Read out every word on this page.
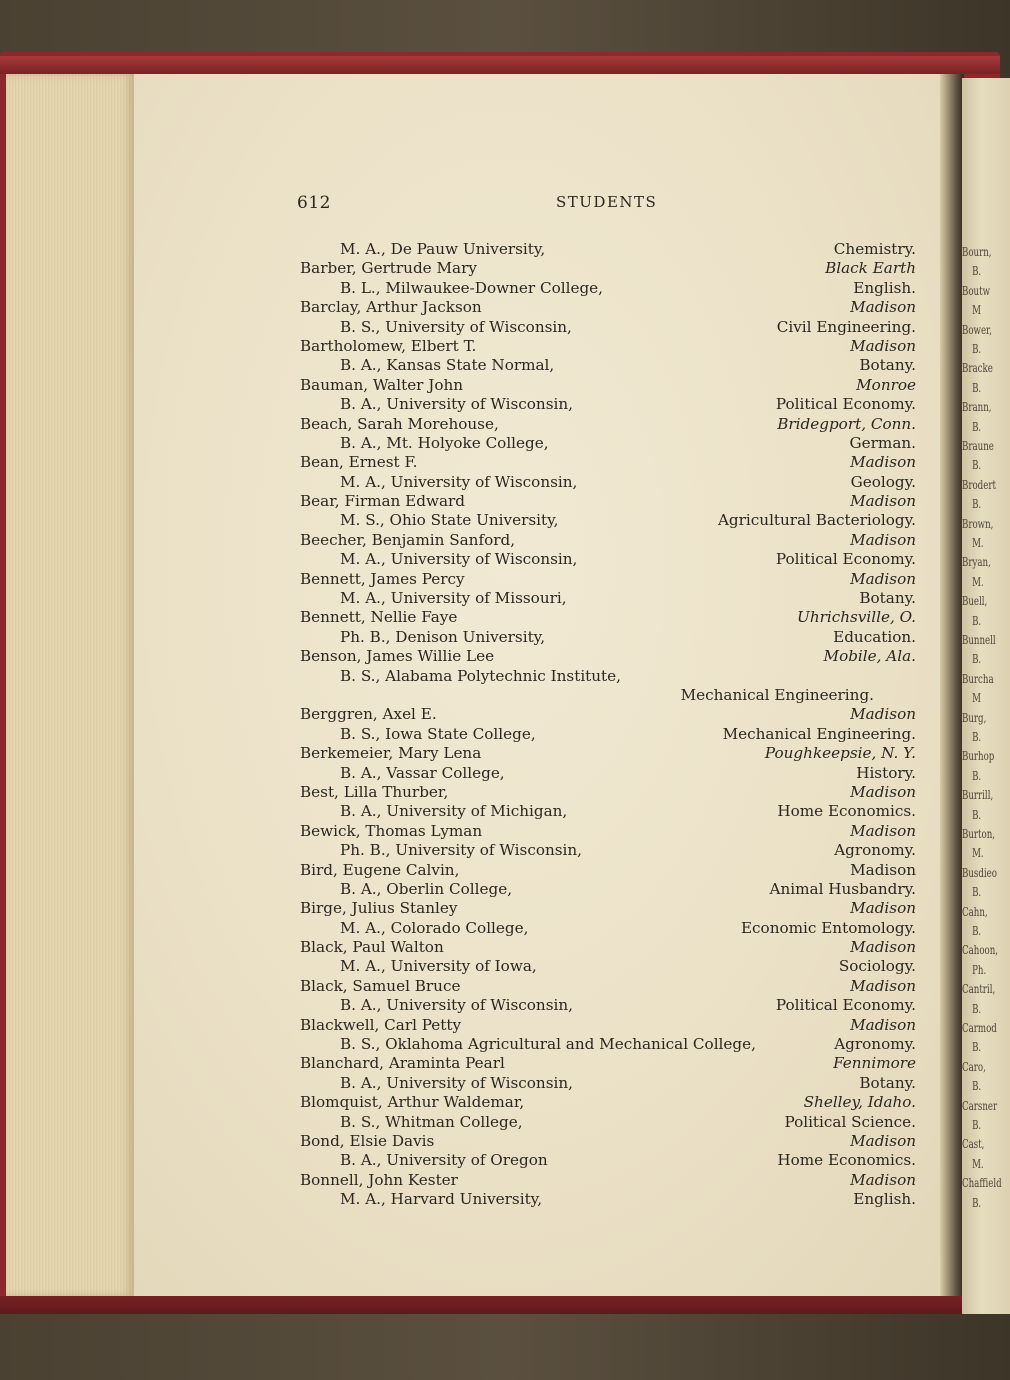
Bourn,
B.
Boutw
M
Bower,
B.
Bracke
B.
Brann,
B.
Braune
B.
Brodert
B.
Brown,
M.
Bryan,
M.
Buell,
B.
Bunnell
B.
Burcha
M
Burg,
B.
Burhop
B.
Burrill,
B.
Burton,
M.
Busdieo
B.
Cahn,
B.
Cahoon,
Ph.
Cantril,
B.
Carmod
B.
Caro,
B.
Carsner
B.
Cast,
M.
Chaffield
B.
612	STUDENTS
M. A., De Pauw University,	Chemistry.
Barber, Gertrude Mary	Black Earth
B. L., Milwaukee-Downer College,	English.
Barclay, Arthur Jackson	Madison
B. S., University of Wisconsin,	Civil Engineering.
Bartholomew, Elbert T.	Madison
B. A., Kansas State Normal,	Botany.
Bauman, Walter John	Monroe
B. A., University of Wisconsin,	Political Economy.
Beach, Sarah Morehouse,	Bridegport, Conn.
B. A., Mt. Holyoke College,	German.
Bean, Ernest F.	Madison
M. A., University of Wisconsin,	Geology.
Bear, Firman Edward	Madison
M. S., Ohio State University,	Agricultural Bacteriology.
Beecher, Benjamin Sanford,	Madison
M. A., University of Wisconsin,	Political Economy.
Bennett, James Percy	Madison
M. A., University of Missouri,	Botany.
Bennett, Nellie Faye	Uhrichsville, O.
Ph. B., Denison University,	Education.
Benson, James Willie Lee	Mobile, Ala.
B. S., Alabama Polytechnic Institute,
Mechanical Engineering.
Berggren, Axel E.	Madison
B. S., Iowa State College,	Mechanical Engineering.
Berkemeier, Mary Lena	Poughkeepsie, N. Y.
B. A., Vassar College,	History.
Best, Lilla Thurber,	Madison
B. A., University of Michigan,	Home Economics.
Bewick, Thomas Lyman	Madison
Ph. B., University of Wisconsin,	Agronomy.
Bird, Eugene Calvin,	Madison
B. A., Oberlin College,	Animal Husbandry.
Birge, Julius Stanley	Madison
M. A., Colorado College,	Economic Entomology.
Black, Paul Walton	Madison
M. A., University of Iowa,	Sociology.
Black, Samuel Bruce	Madison
B. A., University of Wisconsin,	Political Economy.
Blackwell, Carl Petty	Madison
B. S., Oklahoma Agricultural and Mechanical College,	Agronomy.
Blanchard, Araminta Pearl	Fennimore
B. A., University of Wisconsin,	Botany.
Blomquist, Arthur Waldemar,	Shelley, Idaho.
B. S., Whitman College,	Political Science.
Bond, Elsie Davis	Madison
B. A., University of Oregon	Home Economics.
Bonnell, John Kester	Madison
M. A., Harvard University,	English.
